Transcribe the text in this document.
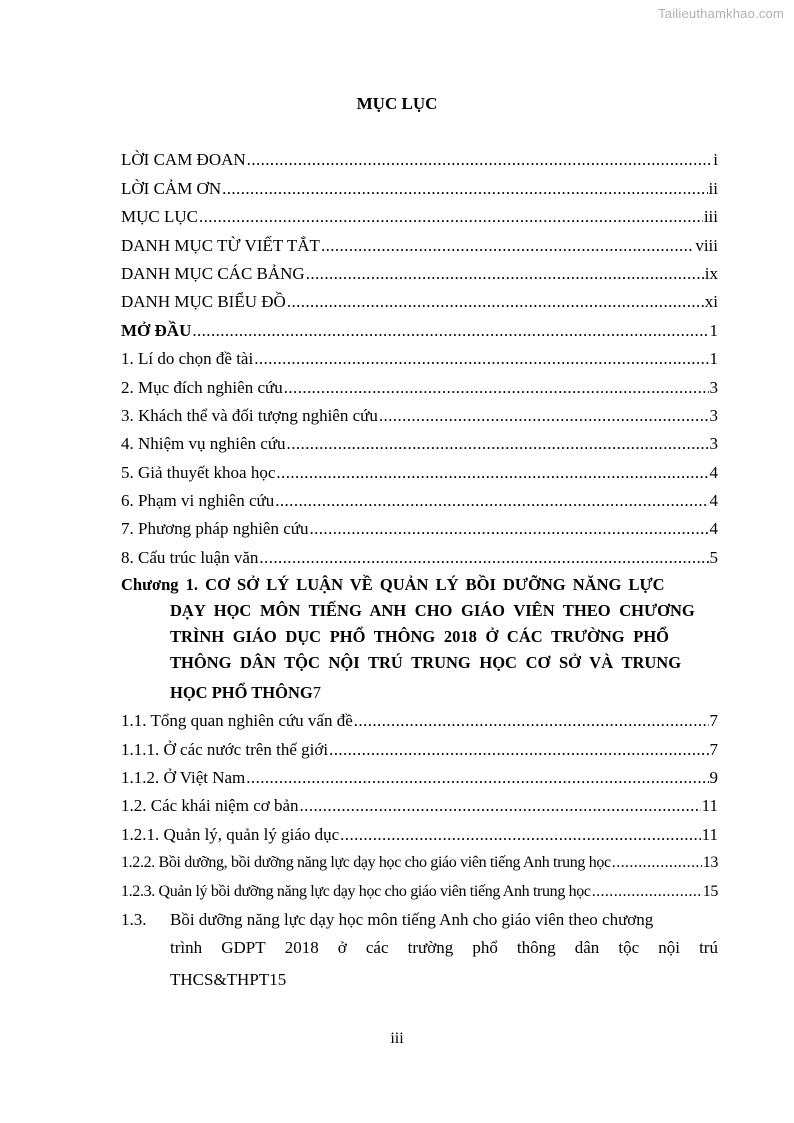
Tailieuthamkhao.com
MỤC LỤC
LỜI CAM ĐOAN .....	i
LỜI CẢM ƠN .....	ii
MỤC LỤC .....	iii
DANH MỤC TỪ VIẾT TẮT .....	viii
DANH MỤC CÁC BẢNG .....	ix
DANH MỤC BIỂU ĐỒ .....	xi
MỞ ĐẦU .....	1
1. Lí do chọn đề tài .....	1
2. Mục đích nghiên cứu .....	3
3. Khách thể và đối tượng nghiên cứu .....	3
4. Nhiệm vụ nghiên cứu .....	3
5. Giả thuyết khoa học .....	4
6. Phạm vi nghiên cứu .....	4
7. Phương pháp nghiên cứu .....	4
8. Cấu trúc luận văn .....	5
Chương 1. CƠ SỞ LÝ LUẬN VỀ QUẢN LÝ BỒI DƯỠNG NĂNG LỰC
DẠY HỌC MÔN TIẾNG ANH CHO GIÁO VIÊN THEO CHƯƠNG
TRÌNH GIÁO DỤC PHỔ THÔNG 2018 Ở CÁC TRƯỜNG PHỔ
THÔNG DÂN TỘC NỘI TRÚ TRUNG HỌC CƠ SỞ VÀ TRUNG
HỌC PHỔ THÔNG 7
1.1. Tổng quan nghiên cứu vấn đề .....	7
1.1.1. Ở các nước trên thế giới .....	7
1.1.2. Ở Việt Nam .....	9
1.2. Các khái niệm cơ bản .....	11
1.2.1. Quản lý, quản lý giáo dục .....	11
1.2.2. Bồi dưỡng, bồi dưỡng năng lực dạy học cho giáo viên tiếng Anh trung học .....	13
1.2.3. Quản lý bồi dưỡng năng lực dạy học cho giáo viên tiếng Anh trung học .....	15
1.3.	Bồi dưỡng năng lực dạy học môn tiếng Anh cho giáo viên theo chương
trình GDPT 2018 ở các trường phổ thông dân tộc nội trú
THCS&THPT 15
iii
